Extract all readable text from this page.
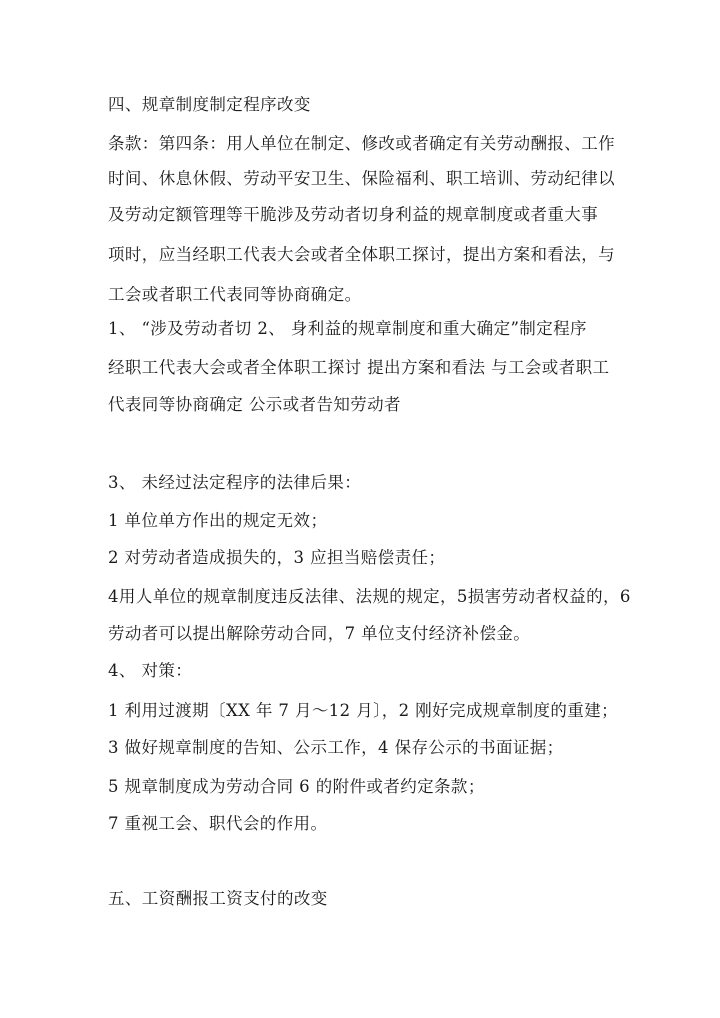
四、规章制度制定程序改变
条款：第四条：用人单位在制定、修改或者确定有关劳动酬报、工作
时间、休息休假、劳动平安卫生、保险福利、职工培训、劳动纪律以
及劳动定额管理等干脆涉及劳动者切身利益的规章制度或者重大事
项时，应当经职工代表大会或者全体职工探讨，提出方案和看法，与
工会或者职工代表同等协商确定。
1、 “涉及劳动者切 2、 身利益的规章制度和重大确定”制定程序
经职工代表大会或者全体职工探讨 提出方案和看法 与工会或者职工
代表同等协商确定 公示或者告知劳动者
3、 未经过法定程序的法律后果：
1 单位单方作出的规定无效；
2 对劳动者造成损失的，3 应担当赔偿责任；
4用人单位的规章制度违反法律、法规的规定，5损害劳动者权益的，6
劳动者可以提出解除劳动合同，7 单位支付经济补偿金。
4、 对策：
1 利用过渡期〔XX 年 7 月～12 月〕，2 刚好完成规章制度的重建；
3 做好规章制度的告知、公示工作，4 保存公示的书面证据；
5 规章制度成为劳动合同 6 的附件或者约定条款；
7 重视工会、职代会的作用。
五、工资酬报工资支付的改变
